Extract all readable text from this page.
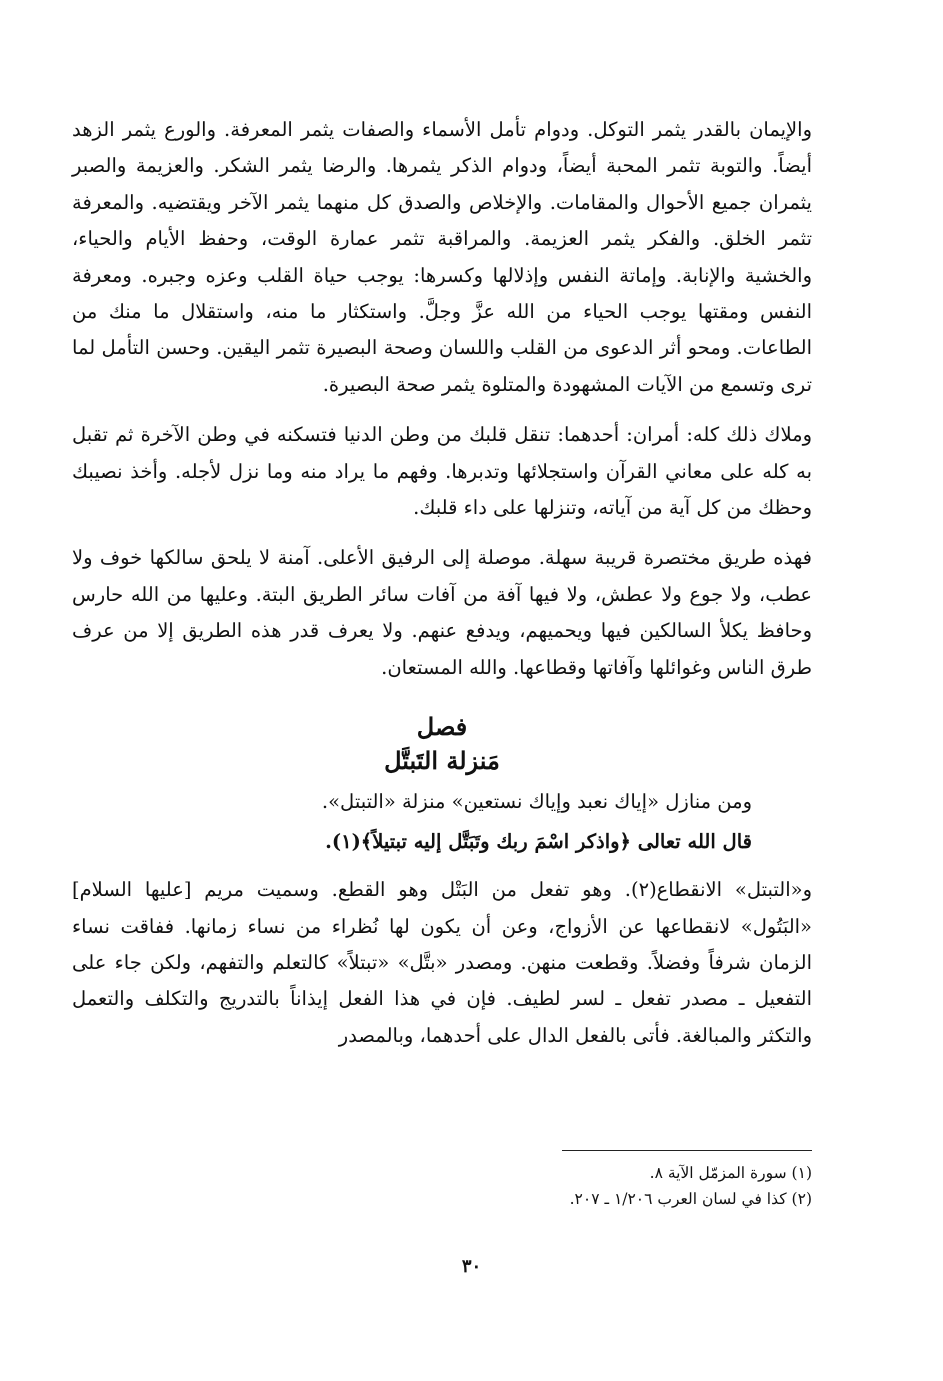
والإيمان بالقدر يثمر التوكل. ودوام تأمل الأسماء والصفات يثمر المعرفة. والورع يثمر الزهد أيضاً. والتوبة تثمر المحبة أيضاً، ودوام الذكر يثمرها. والرضا يثمر الشكر. والعزيمة والصبر يثمران جميع الأحوال والمقامات. والإخلاص والصدق كل منهما يثمر الآخر ويقتضيه. والمعرفة تثمر الخلق. والفكر يثمر العزيمة. والمراقبة تثمر عمارة الوقت، وحفظ الأيام والحياء، والخشية والإنابة. وإماتة النفس وإذلالها وكسرها: يوجب حياة القلب وعزه وجبره. ومعرفة النفس ومقتها يوجب الحياء من الله عزَّ وجلَّ. واستكثار ما منه، واستقلال ما منك من الطاعات. ومحو أثر الدعوى من القلب واللسان وصحة البصيرة تثمر اليقين. وحسن التأمل لما ترى وتسمع من الآيات المشهودة والمتلوة يثمر صحة البصيرة.

وملاك ذلك كله: أمران: أحدهما: تنقل قلبك من وطن الدنيا فتسكنه في وطن الآخرة ثم تقبل به كله على معاني القرآن واستجلائها وتدبرها. وفهم ما يراد منه وما نزل لأجله. وأخذ نصيبك وحظك من كل آية من آياته، وتنزلها على داء قلبك.

فهذه طريق مختصرة قريبة سهلة. موصلة إلى الرفيق الأعلى. آمنة لا يلحق سالكها خوف ولا عطب، ولا جوع ولا عطش، ولا فيها آفة من آفات سائر الطريق البتة. وعليها من الله حارس وحافظ يكلأ السالكين فيها ويحميهم، ويدفع عنهم. ولا يعرف قدر هذه الطريق إلا من عرف طرق الناس وغوائلها وآفاتها وقطاعها. والله المستعان.

فصل
مَنزلة التَبتَّل

ومن منازل «إياك نعبد وإياك نستعين» منزلة «التبتل».

قال الله تعالى ﴿واذكر اسْمَ ربك وتَبَتَّل إليه تبتيلاً﴾(١).

و«التبتل» الانقطاع(٢). وهو تفعل من البَتْل وهو القطع. وسميت مريم [عليها السلام] «البَتُول» لانقطاعها عن الأزواج، وعن أن يكون لها نُظراء من نساء زمانها. ففاقت نساء الزمان شرفاً وفضلاً. وقطعت منهن. ومصدر «بتَّل» «تبتلاً» كالتعلم والتفهم، ولكن جاء على التفعيل ـ مصدر تفعل ـ لسر لطيف. فإن في هذا الفعل إيذاناً بالتدريج والتكلف والتعمل والتكثر والمبالغة. فأتى بالفعل الدال على أحدهما، وبالمصدر

(١) سورة المزمّل الآية ٨.
(٢) كذا في لسان العرب ١/٢٠٦ ـ ٢٠٧.
٣٠
